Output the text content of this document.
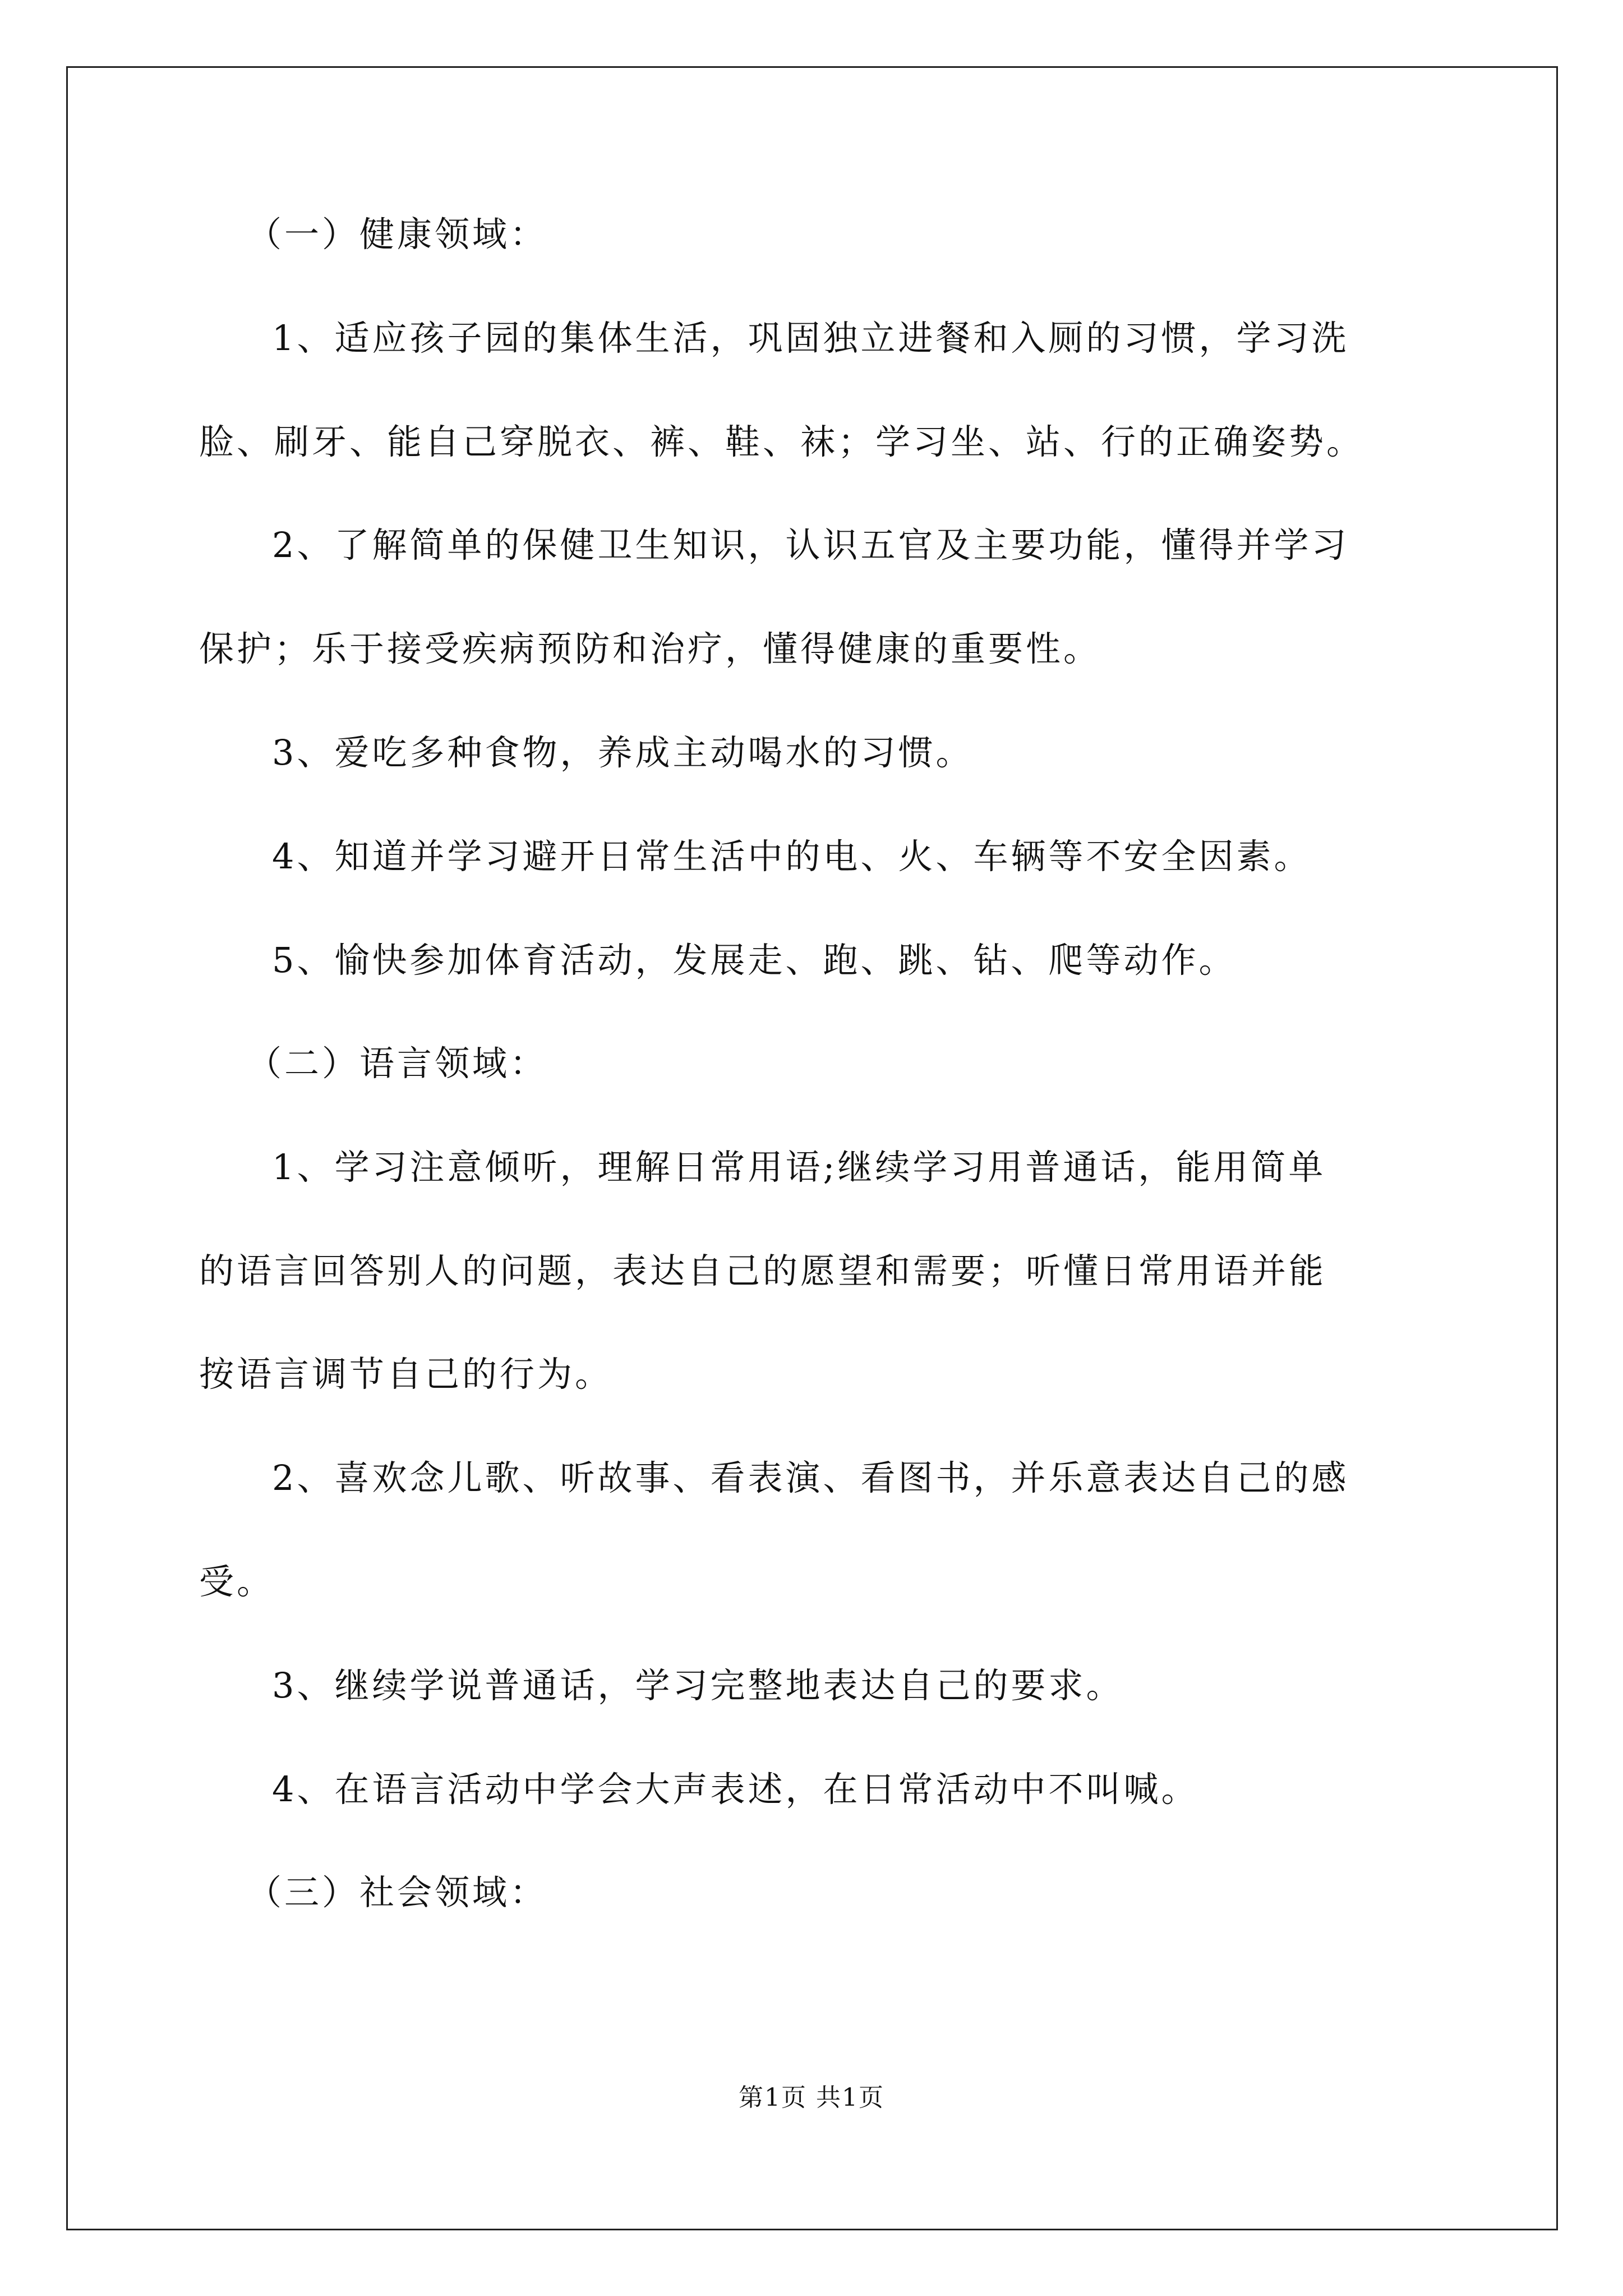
（一）健康领域：
1、适应孩子园的集体生活，巩固独立进餐和入厕的习惯，学习洗
脸、刷牙、能自己穿脱衣、裤、鞋、袜；学习坐、站、行的正确姿势。
2、了解简单的保健卫生知识，认识五官及主要功能，懂得并学习
保护；乐于接受疾病预防和治疗，懂得健康的重要性。
3、爱吃多种食物，养成主动喝水的习惯。
4、知道并学习避开日常生活中的电、火、车辆等不安全因素。
5、愉快参加体育活动，发展走、跑、跳、钻、爬等动作。
（二）语言领域：
1、学习注意倾听，理解日常用语;继续学习用普通话，能用简单
的语言回答别人的问题，表达自己的愿望和需要；听懂日常用语并能
按语言调节自己的行为。
2、喜欢念儿歌、听故事、看表演、看图书，并乐意表达自己的感
受。
3、继续学说普通话，学习完整地表达自己的要求。
4、在语言活动中学会大声表述，在日常活动中不叫喊。
（三）社会领域：
第1页 共1页
